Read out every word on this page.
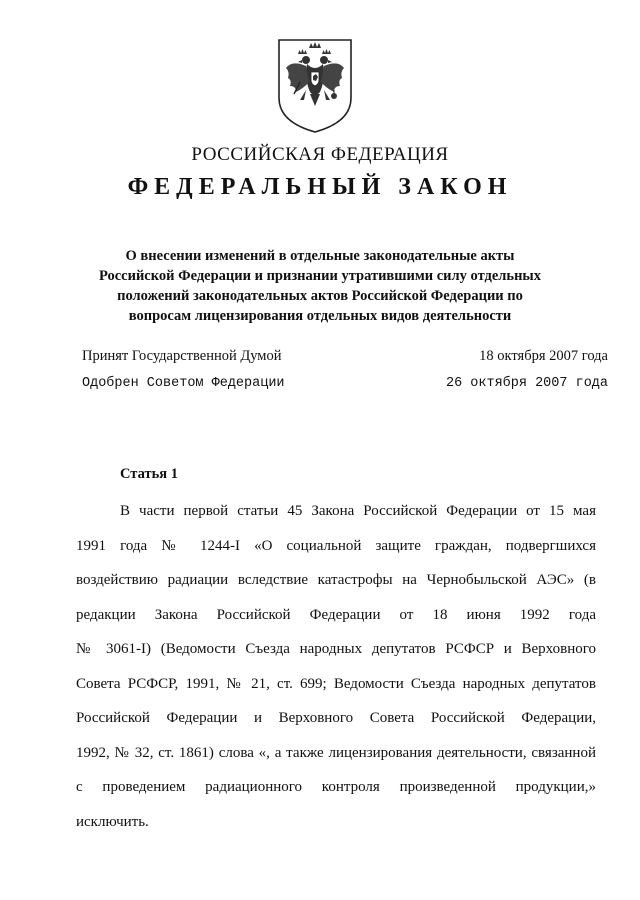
РОССИЙСКАЯ ФЕДЕРАЦИЯ
ФЕДЕРАЛЬНЫЙ ЗАКОН
О внесении изменений в отдельные законодательные акты
Российской Федерации и признании утратившими силу отдельных
положений законодательных актов Российской Федерации по
вопросам лицензирования отдельных видов деятельности
Принят Государственной Думой	18 октября 2007 года
Одобрен Советом Федерации	26 октября 2007 года
Статья 1
В части первой статьи 45 Закона Российской Федерации от 15 мая
1991 года № 1244-I «О социальной защите граждан, подвергшихся
воздействию радиации вследствие катастрофы на Чернобыльской АЭС» (в
редакции Закона Российской Федерации от 18 июня 1992 года
№ 3061-I) (Ведомости Съезда народных депутатов РСФСР и Верховного
Совета РСФСР, 1991, № 21, ст. 699; Ведомости Съезда народных депутатов
Российской Федерации и Верховного Совета Российской Федерации,
1992, № 32, ст. 1861) слова «, а также лицензирования деятельности, связанной
с проведением радиационного контроля произведенной продукции,»
исключить.
